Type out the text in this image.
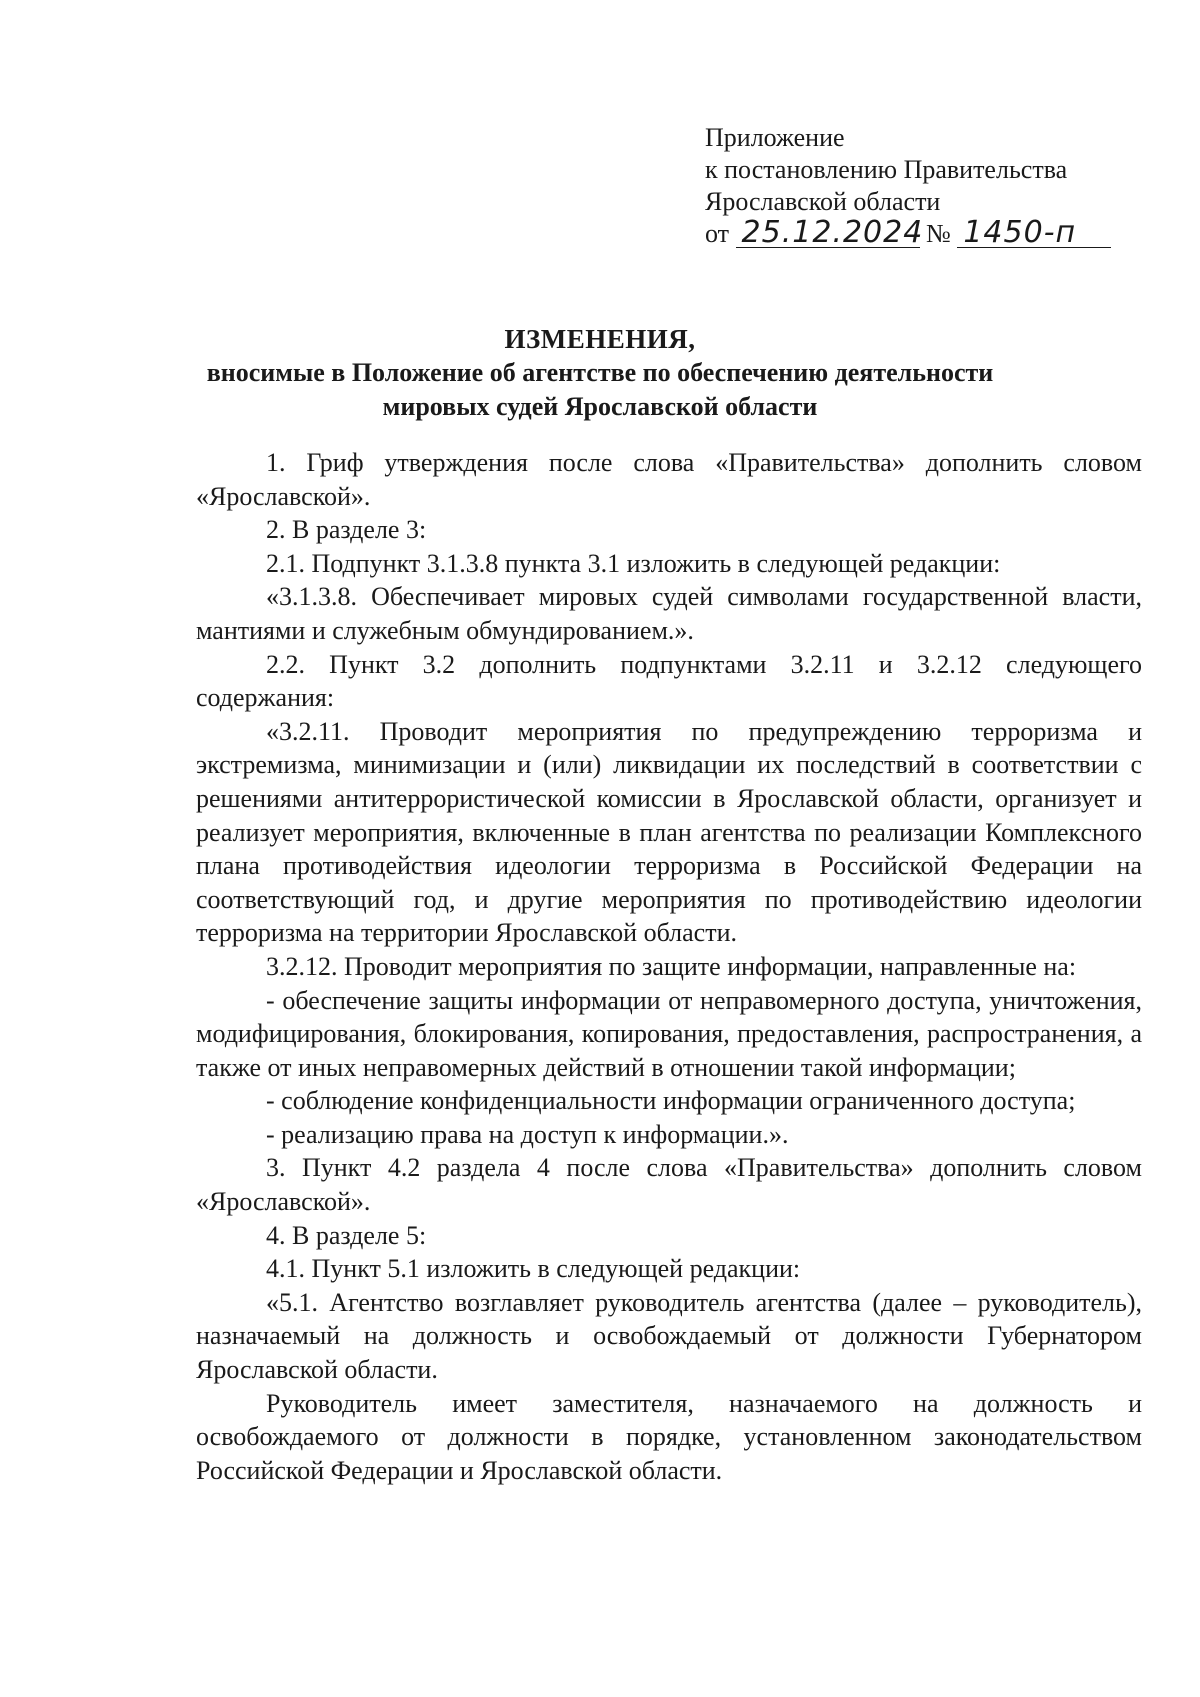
Приложение
к постановлению Правительства
Ярославской области
от 25.12.2024 № 1450-п
ИЗМЕНЕНИЯ,
вносимые в Положение об агентстве по обеспечению деятельности
мировых судей Ярославской области

1. Гриф утверждения после слова «Правительства» дополнить словом «Ярославской».

2. В разделе 3:

2.1. Подпункт 3.1.3.8 пункта 3.1 изложить в следующей редакции:

«3.1.3.8. Обеспечивает мировых судей символами государственной власти, мантиями и служебным обмундированием.».

2.2. Пункт 3.2 дополнить подпунктами 3.2.11 и 3.2.12 следующего содержания:

«3.2.11. Проводит мероприятия по предупреждению терроризма и экстремизма, минимизации и (или) ликвидации их последствий в соответствии с решениями антитеррористической комиссии в Ярославской области, организует и реализует мероприятия, включенные в план агентства по реализации Комплексного плана противодействия идеологии терроризма в Российской Федерации на соответствующий год, и другие мероприятия по противодействию идеологии терроризма на территории Ярославской области.

3.2.12. Проводит мероприятия по защите информации, направленные на:

- обеспечение защиты информации от неправомерного доступа, уничтожения, модифицирования, блокирования, копирования, предоставления, распространения, а также от иных неправомерных действий в отношении такой информации;

- соблюдение конфиденциальности информации ограниченного доступа;

- реализацию права на доступ к информации.».

3. Пункт 4.2 раздела 4 после слова «Правительства» дополнить словом «Ярославской».

4. В разделе 5:

4.1. Пункт 5.1 изложить в следующей редакции:

«5.1. Агентство возглавляет руководитель агентства (далее – руководитель), назначаемый на должность и освобождаемый от должности Губернатором Ярославской области.

Руководитель имеет заместителя, назначаемого на должность и освобождаемого от должности в порядке, установленном законодательством Российской Федерации и Ярославской области.
